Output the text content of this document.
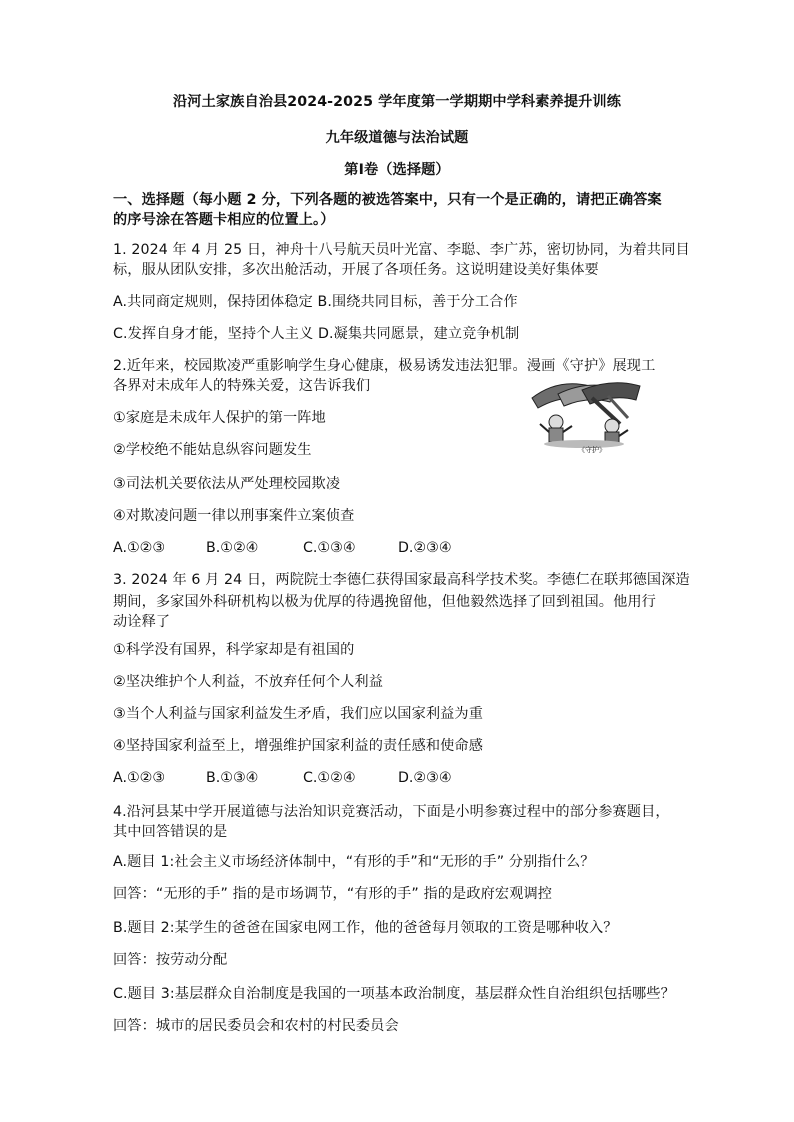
沿河土家族自治县2024-2025 学年度第一学期期中学科素养提升训练
九年级道德与法治试题
第Ⅰ卷（选择题）
一、选择题（每小题 2 分，下列各题的被选答案中，只有一个是正确的，请把正确答案
的序号涂在答题卡相应的位置上。）
1. 2024 年 4 月 25 日，神舟十八号航天员叶光富、李聪、李广苏，密切协同，为着共同目
标，服从团队安排，多次出舱活动，开展了各项任务。这说明建设美好集体要
A.共同商定规则，保持团体稳定 B.围绕共同目标，善于分工合作
C.发挥自身才能，坚持个人主义 D.凝集共同愿景，建立竞争机制
2.近年来，校园欺凌严重影响学生身心健康，极易诱发违法犯罪。漫画《守护》展现工
各界对未成年人的特殊关爱，这告诉我们
①家庭是未成年人保护的第一阵地
②学校绝不能姑息纵容问题发生
③司法机关要依法从严处理校园欺凌
④对欺凌问题一律以刑事案件立案侦查
A.①②③	B.①②④	C.①③④	D.②③④
《守护》
3. 2024 年 6 月 24 日，两院院士李德仁获得国家最高科学技术奖。李德仁在联邦德国深造
期间，多家国外科研机构以极为优厚的待遇挽留他，但他毅然选择了回到祖国。他用行
动诠释了
①科学没有国界，科学家却是有祖国的
②坚决维护个人利益，不放弃任何个人利益
③当个人利益与国家利益发生矛盾，我们应以国家利益为重
④坚持国家利益至上，增强维护国家利益的责任感和使命感
A.①②③	B.①③④	C.①②④	D.②③④
4.沿河县某中学开展道德与法治知识竞赛活动，下面是小明参赛过程中的部分参赛题目，
其中回答错误的是
A.题目 1:社会主义市场经济体制中，“有形的手”和“无形的手” 分别指什么？
回答：“无形的手” 指的是市场调节，“有形的手” 指的是政府宏观调控
B.题目 2:某学生的爸爸在国家电网工作，他的爸爸每月领取的工资是哪种收入？
回答：按劳动分配
C.题目 3:基层群众自治制度是我国的一项基本政治制度，基层群众性自治组织包括哪些？
回答：城市的居民委员会和农村的村民委员会
